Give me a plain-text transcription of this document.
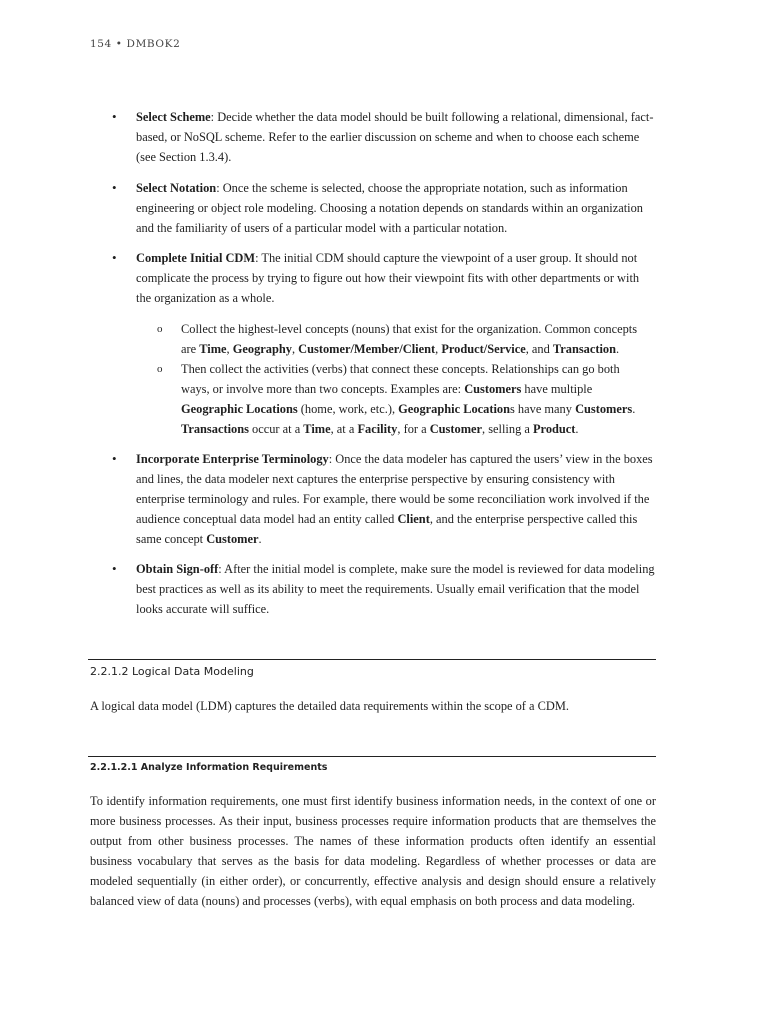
154 • DMBOK2
• Select Scheme: Decide whether the data model should be built following a relational, dimensional, fact-based, or NoSQL scheme. Refer to the earlier discussion on scheme and when to choose each scheme (see Section 1.3.4).
• Select Notation: Once the scheme is selected, choose the appropriate notation, such as information engineering or object role modeling. Choosing a notation depends on standards within an organization and the familiarity of users of a particular model with a particular notation.
• Complete Initial CDM: The initial CDM should capture the viewpoint of a user group. It should not complicate the process by trying to figure out how their viewpoint fits with other departments or with the organization as a whole.
o Collect the highest-level concepts (nouns) that exist for the organization. Common concepts are Time, Geography, Customer/Member/Client, Product/Service, and Transaction.
o Then collect the activities (verbs) that connect these concepts. Relationships can go both ways, or involve more than two concepts. Examples are: Customers have multiple Geographic Locations (home, work, etc.), Geographic Locations have many Customers. Transactions occur at a Time, at a Facility, for a Customer, selling a Product.
• Incorporate Enterprise Terminology: Once the data modeler has captured the users’ view in the boxes and lines, the data modeler next captures the enterprise perspective by ensuring consistency with enterprise terminology and rules. For example, there would be some reconciliation work involved if the audience conceptual data model had an entity called Client, and the enterprise perspective called this same concept Customer.
• Obtain Sign-off: After the initial model is complete, make sure the model is reviewed for data modeling best practices as well as its ability to meet the requirements. Usually email verification that the model looks accurate will suffice.
2.2.1.2 Logical Data Modeling
A logical data model (LDM) captures the detailed data requirements within the scope of a CDM.
2.2.1.2.1 Analyze Information Requirements
To identify information requirements, one must first identify business information needs, in the context of one or more business processes. As their input, business processes require information products that are themselves the output from other business processes. The names of these information products often identify an essential business vocabulary that serves as the basis for data modeling. Regardless of whether processes or data are modeled sequentially (in either order), or concurrently, effective analysis and design should ensure a relatively balanced view of data (nouns) and processes (verbs), with equal emphasis on both process and data modeling.
